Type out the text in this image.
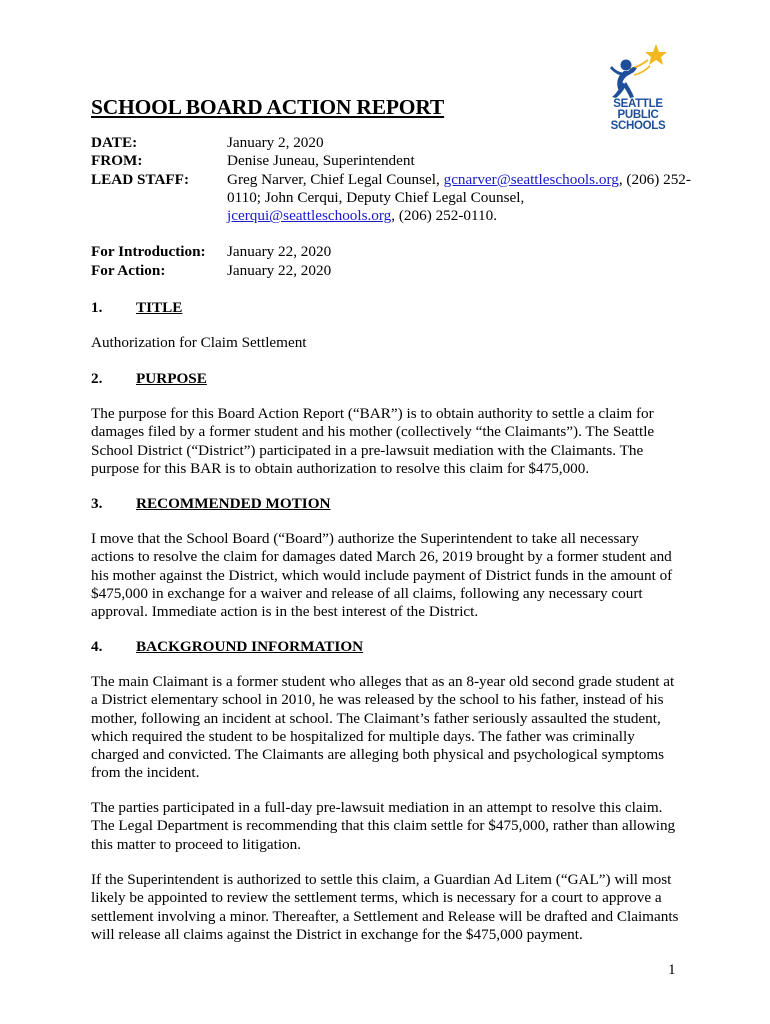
SEATTLE
PUBLIC
SCHOOLS
SCHOOL BOARD ACTION REPORT
DATE:	January 2, 2020
FROM:	Denise Juneau, Superintendent
LEAD STAFF:	Greg Narver, Chief Legal Counsel, gcnarver@seattleschools.org, (206) 252-0110; John Cerqui, Deputy Chief Legal Counsel, jcerqui@seattleschools.org, (206) 252-0110.
For Introduction:	January 22, 2020
For Action:	January 22, 2020
1.	TITLE

Authorization for Claim Settlement

2.	PURPOSE

The purpose for this Board Action Report (“BAR”) is to obtain authority to settle a claim for damages filed by a former student and his mother (collectively “the Claimants”). The Seattle School District (“District”) participated in a pre-lawsuit mediation with the Claimants. The purpose for this BAR is to obtain authorization to resolve this claim for $475,000.

3.	RECOMMENDED MOTION

I move that the School Board (“Board”) authorize the Superintendent to take all necessary actions to resolve the claim for damages dated March 26, 2019 brought by a former student and his mother against the District, which would include payment of District funds in the amount of $475,000 in exchange for a waiver and release of all claims, following any necessary court approval. Immediate action is in the best interest of the District.

4.	BACKGROUND INFORMATION

The main Claimant is a former student who alleges that as an 8-year old second grade student at a District elementary school in 2010, he was released by the school to his father, instead of his mother, following an incident at school. The Claimant’s father seriously assaulted the student, which required the student to be hospitalized for multiple days. The father was criminally charged and convicted. The Claimants are alleging both physical and psychological symptoms from the incident.

The parties participated in a full-day pre-lawsuit mediation in an attempt to resolve this claim. The Legal Department is recommending that this claim settle for $475,000, rather than allowing this matter to proceed to litigation.

If the Superintendent is authorized to settle this claim, a Guardian Ad Litem (“GAL”) will most likely be appointed to review the settlement terms, which is necessary for a court to approve a settlement involving a minor. Thereafter, a Settlement and Release will be drafted and Claimants will release all claims against the District in exchange for the $475,000 payment.

1
